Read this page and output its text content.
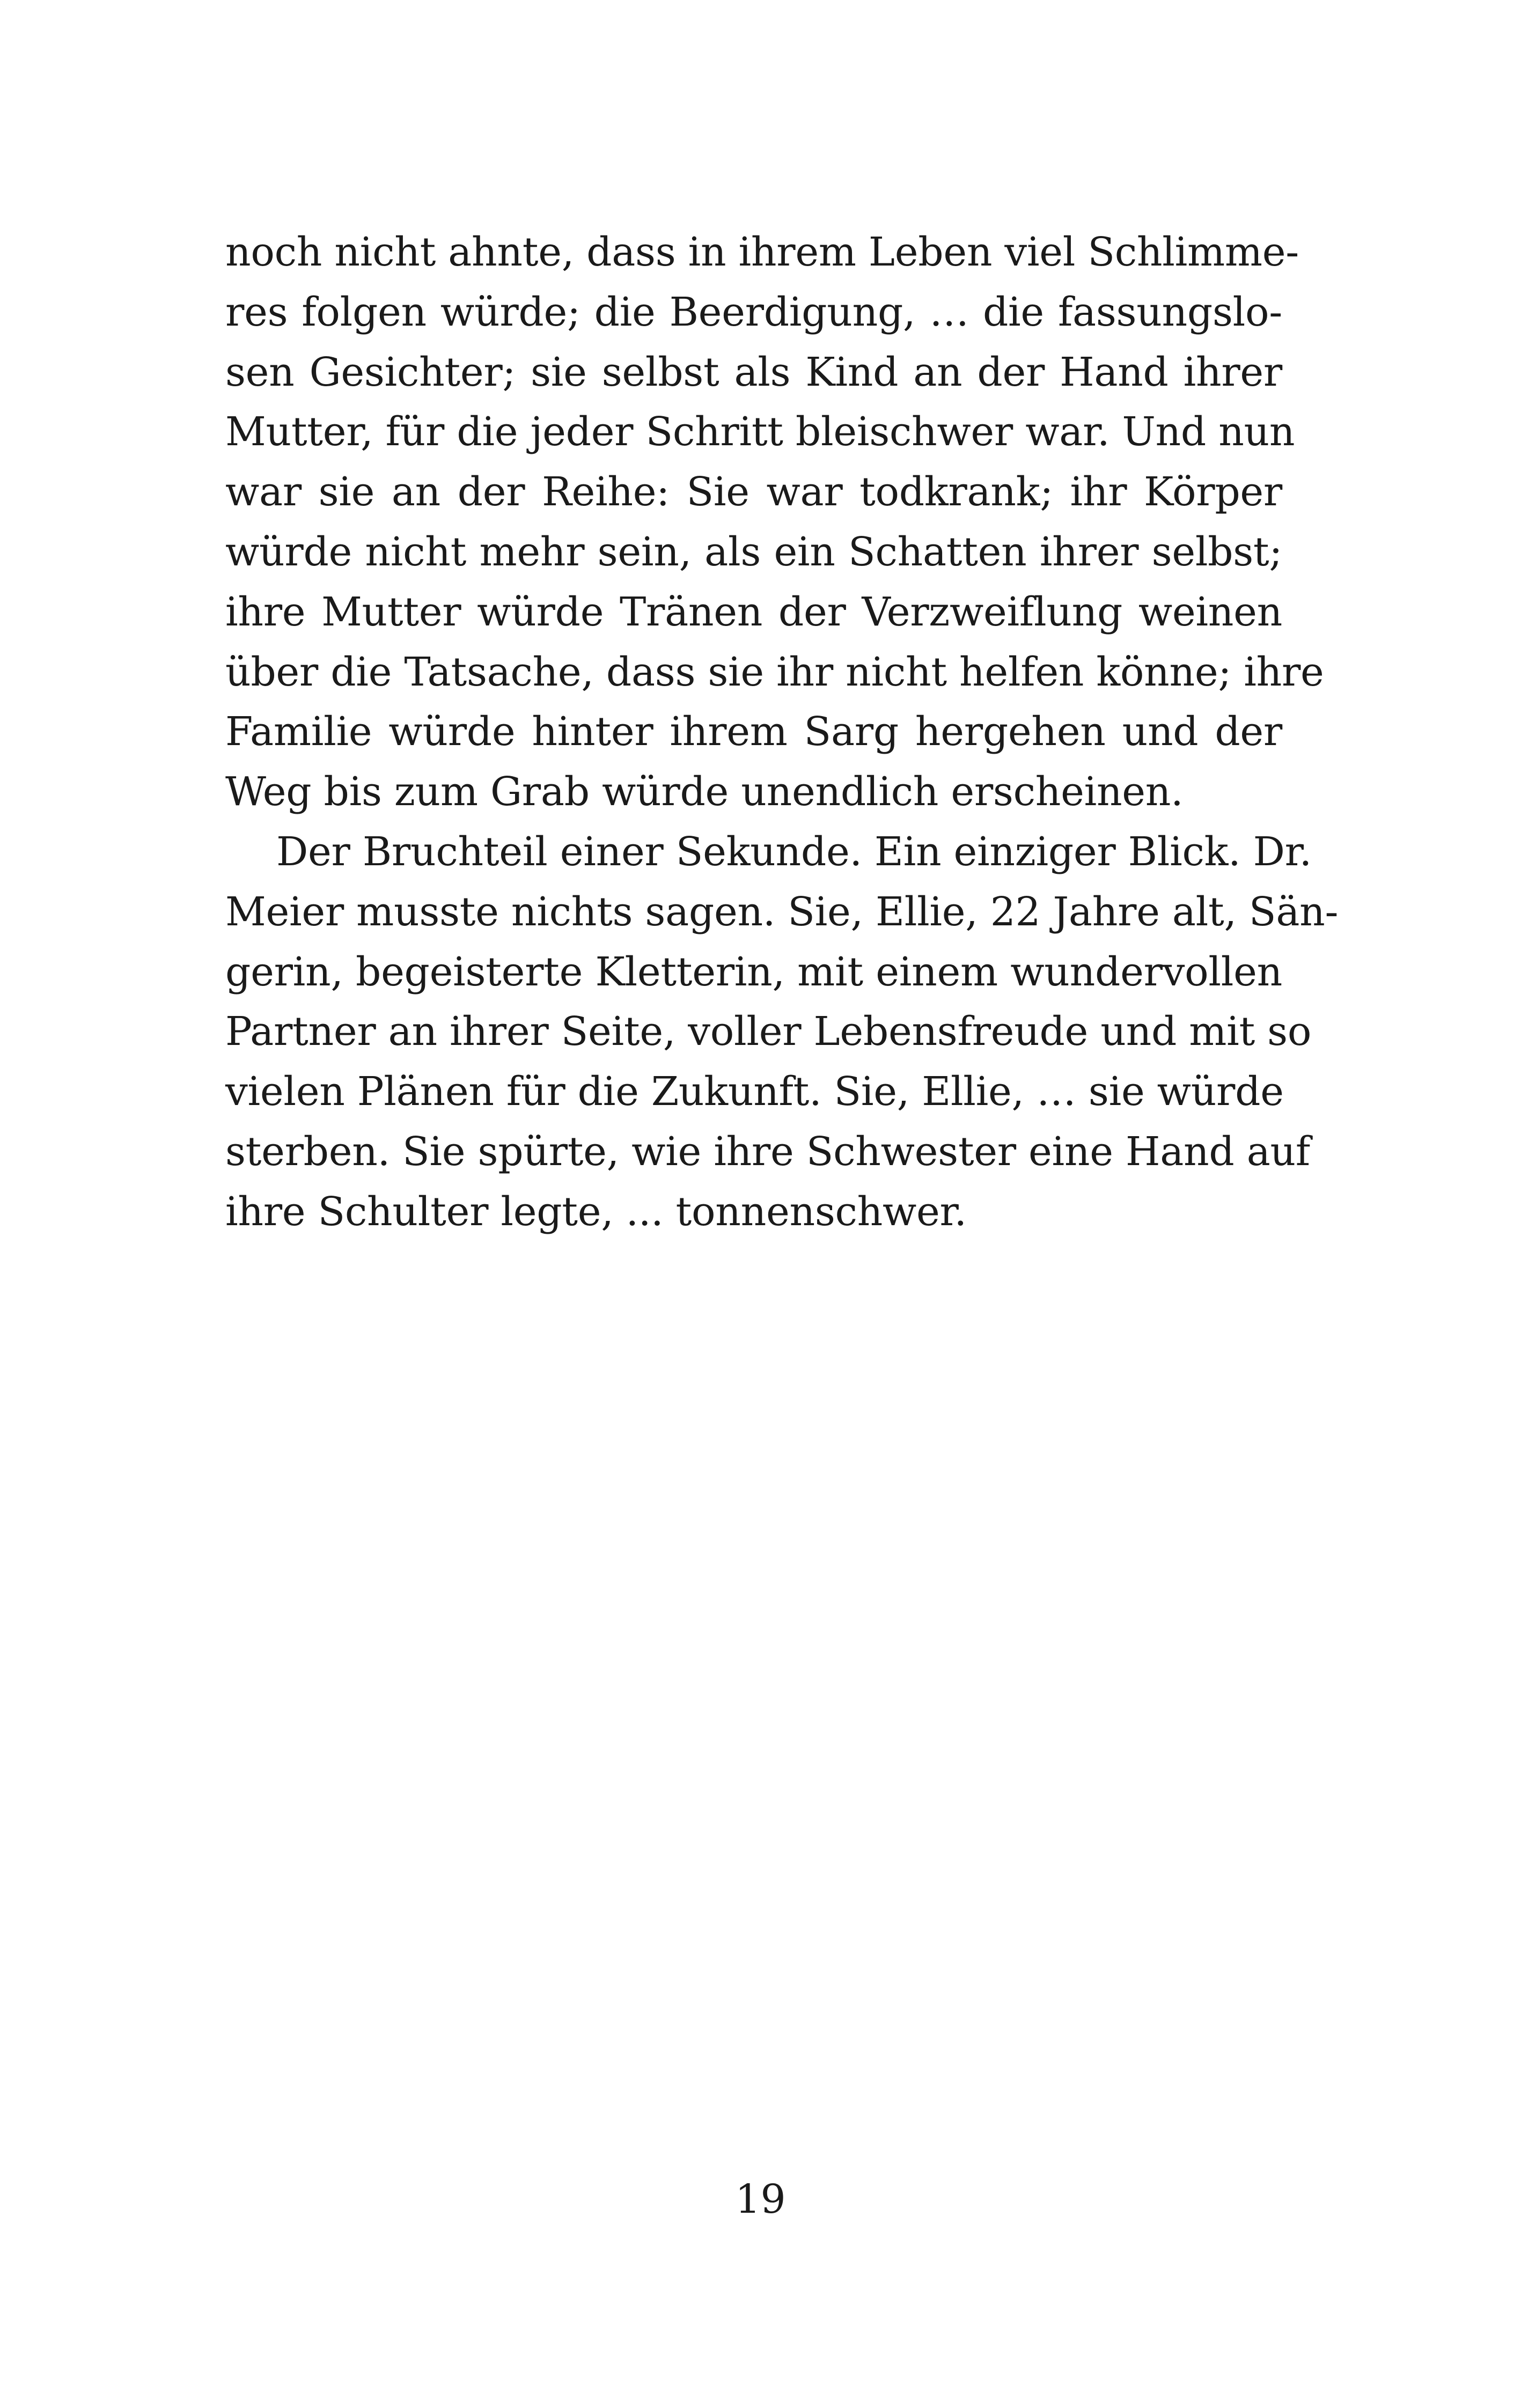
noch nicht ahnte, dass in ihrem Leben viel Schlimme-
res folgen würde; die Beerdigung, … die fassungslo-
sen Gesichter; sie selbst als Kind an der Hand ihrer
Mutter, für die jeder Schritt bleischwer war. Und nun
war sie an der Reihe: Sie war todkrank; ihr Körper
würde nicht mehr sein, als ein Schatten ihrer selbst;
ihre Mutter würde Tränen der Verzweiflung weinen
über die Tatsache, dass sie ihr nicht helfen könne; ihre
Familie würde hinter ihrem Sarg hergehen und der
Weg bis zum Grab würde unendlich erscheinen.
Der Bruchteil einer Sekunde. Ein einziger Blick. Dr.
Meier musste nichts sagen. Sie, Ellie, 22 Jahre alt, Sän-
gerin, begeisterte Kletterin, mit einem wundervollen
Partner an ihrer Seite, voller Lebensfreude und mit so
vielen Plänen für die Zukunft. Sie, Ellie, … sie würde
sterben. Sie spürte, wie ihre Schwester eine Hand auf
ihre Schulter legte, ... tonnenschwer.
19
